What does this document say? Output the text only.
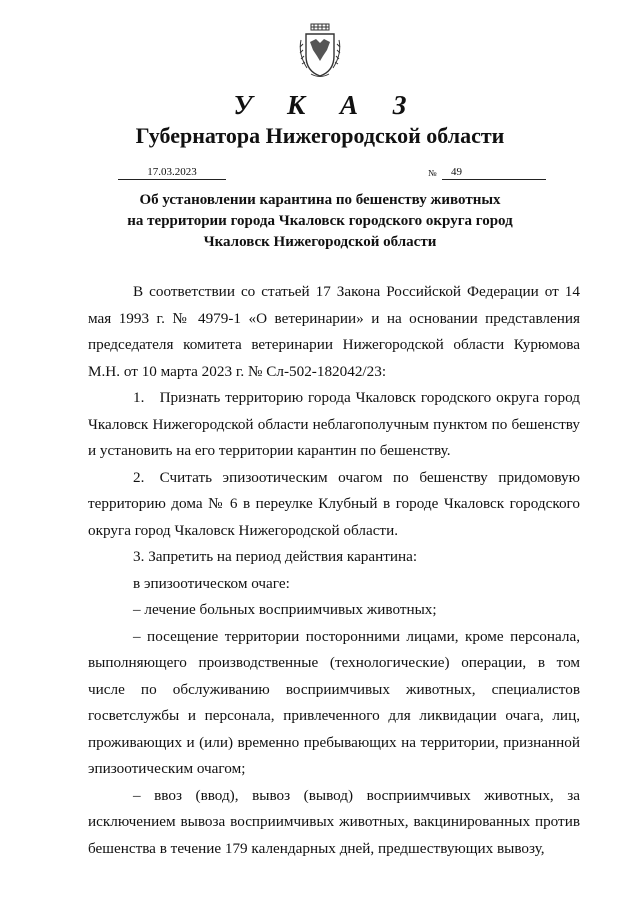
У К А З
Губернатора Нижегородской области
17.03.2023	№	49
Об установлении карантина по бешенству животных
на территории города Чкаловск городского округа город
Чкаловск Нижегородской области

В соответствии со статьей 17 Закона Российской Федерации от 14 мая 1993 г. № 4979-1 «О ветеринарии» и на основании представления председателя комитета ветеринарии Нижегородской области Курюмова М.Н. от 10 марта 2023 г. № Сл-502-182042/23:

1. Признать территорию города Чкаловск городского округа город Чкаловск Нижегородской области неблагополучным пунктом по бешенству и установить на его территории карантин по бешенству.

2. Считать эпизоотическим очагом по бешенству придомовую территорию дома № 6 в переулке Клубный в городе Чкаловск городского округа город Чкаловск Нижегородской области.

3. Запретить на период действия карантина:

в эпизоотическом очаге:

– лечение больных восприимчивых животных;

– посещение территории посторонними лицами, кроме персонала, выполняющего производственные (технологические) операции, в том числе по обслуживанию восприимчивых животных, специалистов госветслужбы и персонала, привлеченного для ликвидации очага, лиц, проживающих и (или) временно пребывающих на территории, признанной эпизоотическим очагом;

– ввоз (ввод), вывоз (вывод) восприимчивых животных, за исключением вывоза восприимчивых животных, вакцинированных против бешенства в течение 179 календарных дней, предшествующих вывозу,
